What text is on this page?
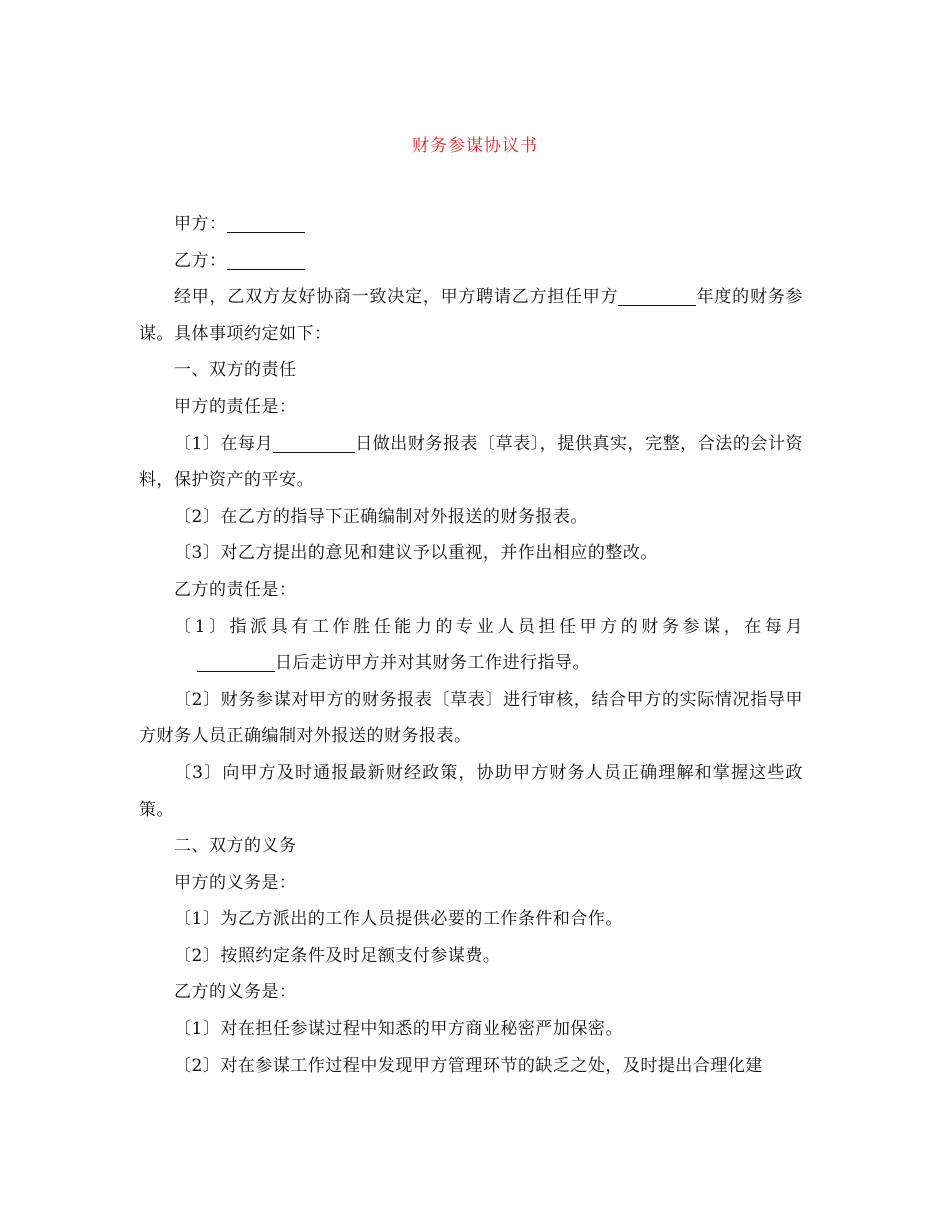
财务参谋协议书

甲方：

乙方：

经甲，乙双方友好协商一致决定，甲方聘请乙方担任甲方	年度的财务参谋。具体事项约定如下：

一、双方的责任

甲方的责任是：

〔1〕在每月	日做出财务报表〔草表〕，提供真实，完整，合法的会计资料，保护资产的平安。

〔2〕在乙方的指导下正确编制对外报送的财务报表。

〔3〕对乙方提出的意见和建议予以重视，并作出相应的整改。

乙方的责任是：

〔1〕指派具有工作胜任能力的专业人员担任甲方的财务参谋，在每月日后走访甲方并对其财务工作进行指导。

〔2〕财务参谋对甲方的财务报表〔草表〕进行审核，结合甲方的实际情况指导甲方财务人员正确编制对外报送的财务报表。

〔3〕向甲方及时通报最新财经政策，协助甲方财务人员正确理解和掌握这些政策。

二、双方的义务

甲方的义务是：

〔1〕为乙方派出的工作人员提供必要的工作条件和合作。

〔2〕按照约定条件及时足额支付参谋费。

乙方的义务是：

〔1〕对在担任参谋过程中知悉的甲方商业秘密严加保密。

〔2〕对在参谋工作过程中发现甲方管理环节的缺乏之处，及时提出合理化建
